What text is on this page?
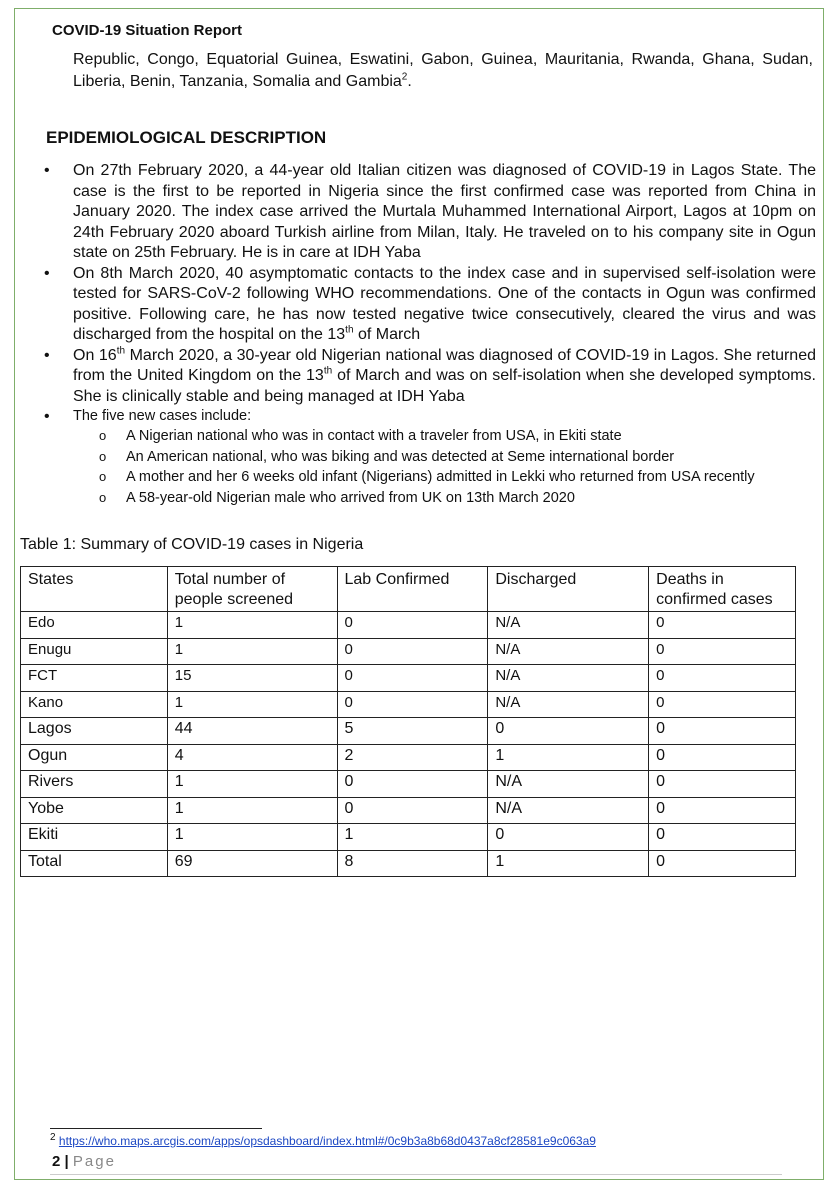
COVID-19 Situation Report
Republic, Congo, Equatorial Guinea, Eswatini, Gabon, Guinea, Mauritania, Rwanda, Ghana, Sudan, Liberia, Benin, Tanzania, Somalia and Gambia$^2$.
EPIDEMIOLOGICAL DESCRIPTION
• On 27th February 2020, a 44-year old Italian citizen was diagnosed of COVID-19 in Lagos State. The case is the first to be reported in Nigeria since the first confirmed case was reported from China in January 2020. The index case arrived the Murtala Muhammed International Airport, Lagos at 10pm on 24th February 2020 aboard Turkish airline from Milan, Italy. He traveled on to his company site in Ogun state on 25th February. He is in care at IDH Yaba
• On 8th March 2020, 40 asymptomatic contacts to the index case and in supervised self-isolation were tested for SARS-CoV-2 following WHO recommendations. One of the contacts in Ogun was confirmed positive. Following care, he has now tested negative twice consecutively, cleared the virus and was discharged from the hospital on the 13th of March
• On 16th March 2020, a 30-year old Nigerian national was diagnosed of COVID-19 in Lagos. She returned from the United Kingdom on the 13th of March and was on self-isolation when she developed symptoms. She is clinically stable and being managed at IDH Yaba
• The five new cases include:
o A Nigerian national who was in contact with a traveler from USA, in Ekiti state
o An American national, who was biking and was detected at Seme international border
o A mother and her 6 weeks old infant (Nigerians) admitted in Lekki who returned from USA recently
o A 58-year-old Nigerian male who arrived from UK on 13th March 2020
Table 1: Summary of COVID-19 cases in Nigeria
States	Total number of people screened	Lab Confirmed	Discharged	Deaths in confirmed cases
Edo	1	0	N/A	0
Enugu	1	0	N/A	0
FCT	15	0	N/A	0
Kano	1	0	N/A	0
Lagos	44	5	0	0
Ogun	4	2	1	0
Rivers	1	0	N/A	0
Yobe	1	0	N/A	0
Ekiti	1	1	0	0
Total	69	8	1	0
$^2$ https://who.maps.arcgis.com/apps/opsdashboard/index.html#/0c9b3a8b68d0437a8cf28581e9c063a9
2 | Page
